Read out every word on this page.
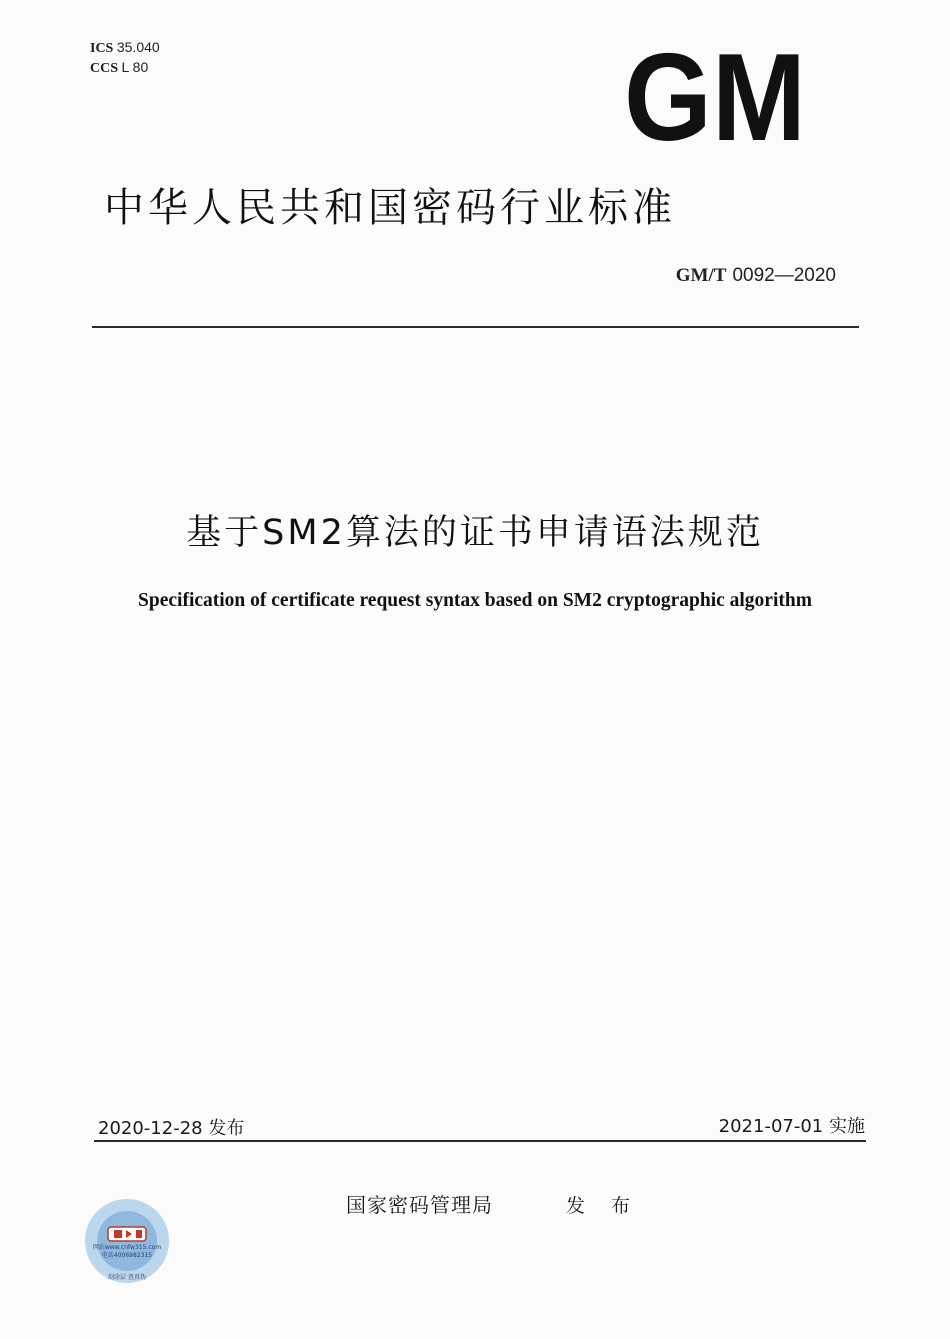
ICS 35.040
CCS L 80	GM
中华人民共和国密码行业标准
GM/T 0092—2020
基于SM2算法的证书申请语法规范
Specification of certificate request syntax based on SM2 cryptographic algorithm
2020-12-28 发布	2021-07-01 实施
国家密码管理局	发 布
网站www.cnfw315.com
电话4006982315
刮涂层 查真伪
